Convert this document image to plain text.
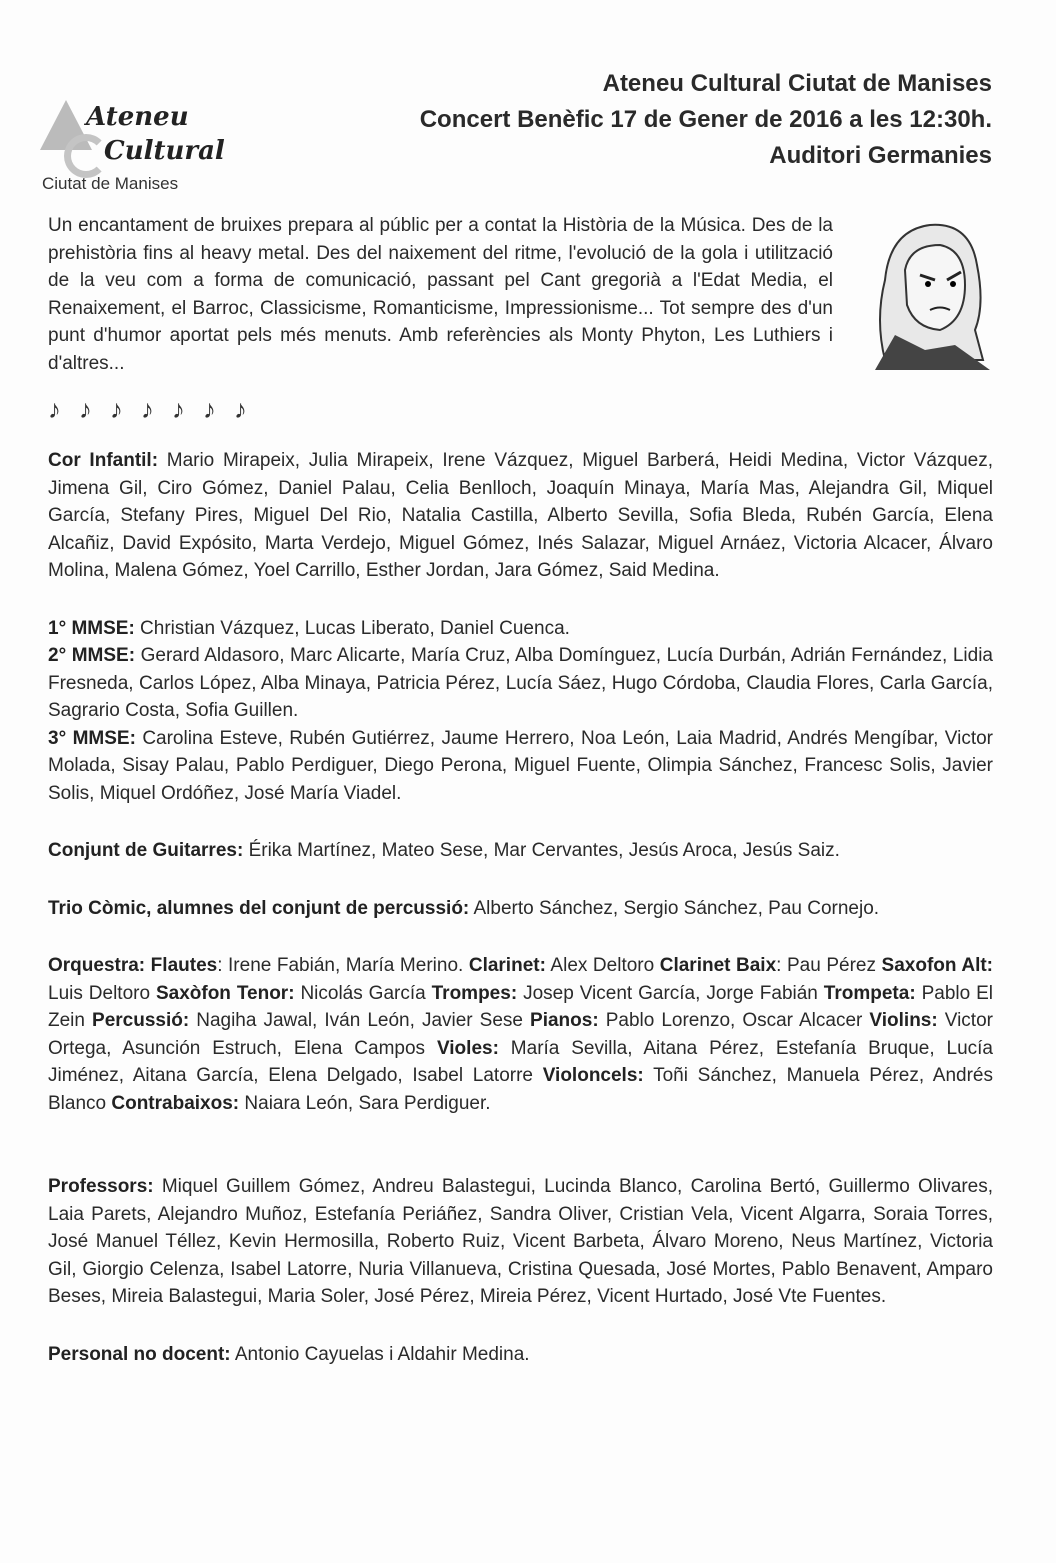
Ateneu
Cultural
Ciutat de Manises
Ateneu Cultural Ciutat de Manises
Concert Benèfic 17 de Gener de 2016 a les 12:30h.
Auditori Germanies
Un encantament de bruixes prepara al públic per a contat la Història de la Música. Des de la prehistòria fins al heavy metal. Des del naixement del ritme, l'evolució de la gola i utilització de la veu com a forma de comunicació, passant pel Cant gregorià a l'Edat Media, el Renaixement, el Barroc, Classicisme, Romanticisme, Impressionisme... Tot sempre des d'un punt d'humor aportat pels més menuts. Amb referències als Monty Phyton, Les Luthiers i d'altres...
♪♪♪♪♪♪♪
Cor Infantil: Mario Mirapeix, Julia Mirapeix, Irene Vázquez, Miguel Barberá, Heidi Medina, Victor Vázquez, Jimena Gil, Ciro Gómez, Daniel Palau, Celia Benlloch, Joaquín Minaya, María Mas, Alejandra Gil, Miquel García, Stefany Pires, Miguel Del Rio, Natalia Castilla, Alberto Sevilla, Sofia Bleda, Rubén García, Elena Alcañiz, David Expósito, Marta Verdejo, Miguel Gómez, Inés Salazar, Miguel Arnáez, Victoria Alcacer, Álvaro Molina, Malena Gómez, Yoel Carrillo, Esther Jordan, Jara Gómez, Said Medina.
1° MMSE: Christian Vázquez, Lucas Liberato, Daniel Cuenca.
2° MMSE: Gerard Aldasoro, Marc Alicarte, María Cruz, Alba Domínguez, Lucía Durbán, Adrián Fernández, Lidia Fresneda, Carlos López, Alba Minaya, Patricia Pérez, Lucía Sáez, Hugo Córdoba, Claudia Flores, Carla García, Sagrario Costa, Sofia Guillen.
3° MMSE: Carolina Esteve, Rubén Gutiérrez, Jaume Herrero, Noa León, Laia Madrid, Andrés Mengíbar, Victor Molada, Sisay Palau, Pablo Perdiguer, Diego Perona, Miguel Fuente, Olimpia Sánchez, Francesc Solis, Javier Solis, Miquel Ordóñez, José María Viadel.
Conjunt de Guitarres: Érika Martínez, Mateo Sese, Mar Cervantes, Jesús Aroca, Jesús Saiz.
Trio Còmic, alumnes del conjunt de percussió: Alberto Sánchez, Sergio Sánchez, Pau Cornejo.
Orquestra: Flautes: Irene Fabián, María Merino. Clarinet: Alex Deltoro Clarinet Baix: Pau Pérez Saxofon Alt: Luis Deltoro Saxòfon Tenor: Nicolás García Trompes: Josep Vicent García, Jorge Fabián Trompeta: Pablo El Zein Percussió: Nagiha Jawal, Iván León, Javier Sese Pianos: Pablo Lorenzo, Oscar Alcacer Violins: Victor Ortega, Asunción Estruch, Elena Campos Violes: María Sevilla, Aitana Pérez, Estefanía Bruque, Lucía Jiménez, Aitana García, Elena Delgado, Isabel Latorre Violoncels: Toñi Sánchez, Manuela Pérez, Andrés Blanco Contrabaixos: Naiara León, Sara Perdiguer.
Professors: Miquel Guillem Gómez, Andreu Balastegui, Lucinda Blanco, Carolina Bertó, Guillermo Olivares, Laia Parets, Alejandro Muñoz, Estefanía Periáñez, Sandra Oliver, Cristian Vela, Vicent Algarra, Soraia Torres, José Manuel Téllez, Kevin Hermosilla, Roberto Ruiz, Vicent Barbeta, Álvaro Moreno, Neus Martínez, Victoria Gil, Giorgio Celenza, Isabel Latorre, Nuria Villanueva, Cristina Quesada, José Mortes, Pablo Benavent, Amparo Beses, Mireia Balastegui, Maria Soler, José Pérez, Mireia Pérez, Vicent Hurtado, José Vte Fuentes.
Personal no docent: Antonio Cayuelas i Aldahir Medina.
